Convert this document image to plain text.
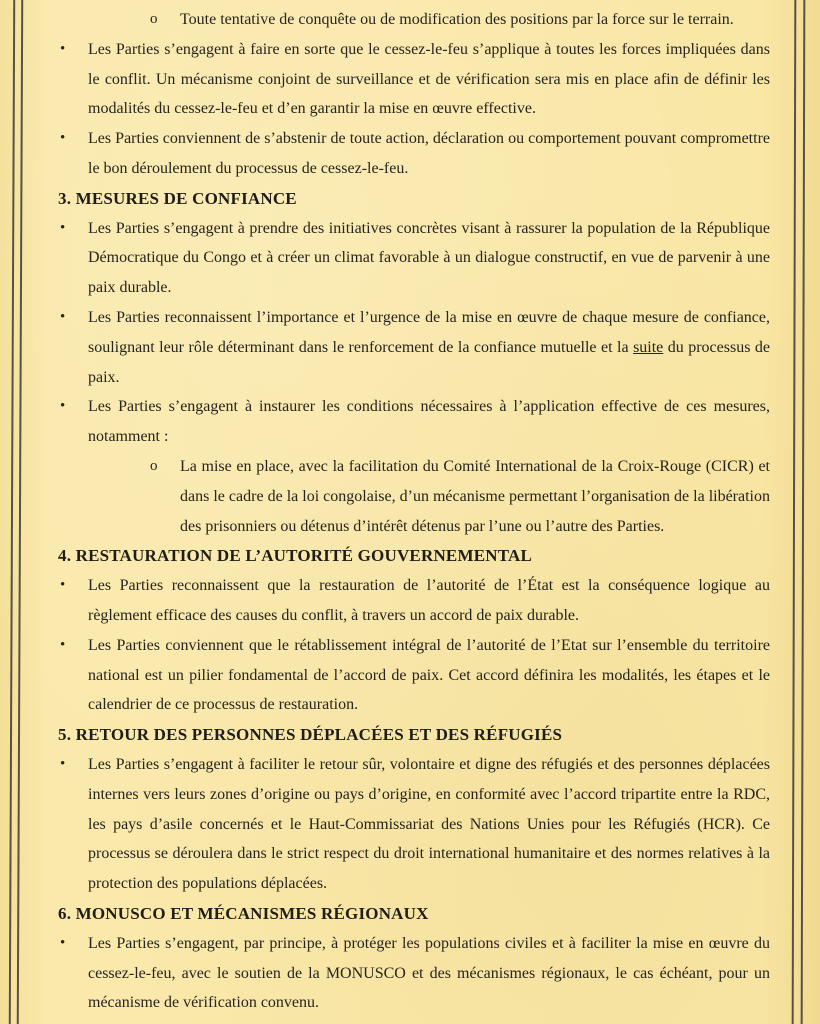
o Toute tentative de conquête ou de modification des positions par la force sur le terrain.
• Les Parties s’engagent à faire en sorte que le cessez-le-feu s’applique à toutes les forces impliquées dans le conflit. Un mécanisme conjoint de surveillance et de vérification sera mis en place afin de définir les modalités du cessez-le-feu et d’en garantir la mise en œuvre effective.
• Les Parties conviennent de s’abstenir de toute action, déclaration ou comportement pouvant compromettre le bon déroulement du processus de cessez-le-feu.
3. MESURES DE CONFIANCE
• Les Parties s’engagent à prendre des initiatives concrètes visant à rassurer la population de la République Démocratique du Congo et à créer un climat favorable à un dialogue constructif, en vue de parvenir à une paix durable.
• Les Parties reconnaissent l’importance et l’urgence de la mise en œuvre de chaque mesure de confiance, soulignant leur rôle déterminant dans le renforcement de la confiance mutuelle et la suite du processus de paix.
• Les Parties s’engagent à instaurer les conditions nécessaires à l’application effective de ces mesures, notamment :
o La mise en place, avec la facilitation du Comité International de la Croix-Rouge (CICR) et dans le cadre de la loi congolaise, d’un mécanisme permettant l’organisation de la libération des prisonniers ou détenus d’intérêt détenus par l’une ou l’autre des Parties.
4. RESTAURATION DE L’AUTORITÉ GOUVERNEMENTAL
• Les Parties reconnaissent que la restauration de l’autorité de l’État est la conséquence logique au règlement efficace des causes du conflit, à travers un accord de paix durable.
• Les Parties conviennent que le rétablissement intégral de l’autorité de l’Etat sur l’ensemble du territoire national est un pilier fondamental de l’accord de paix. Cet accord définira les modalités, les étapes et le calendrier de ce processus de restauration.
5. RETOUR DES PERSONNES DÉPLACÉES ET DES RÉFUGIÉS
• Les Parties s’engagent à faciliter le retour sûr, volontaire et digne des réfugiés et des personnes déplacées internes vers leurs zones d’origine ou pays d’origine, en conformité avec l’accord tripartite entre la RDC, les pays d’asile concernés et le Haut-Commissariat des Nations Unies pour les Réfugiés (HCR). Ce processus se déroulera dans le strict respect du droit international humanitaire et des normes relatives à la protection des populations déplacées.
6. MONUSCO ET MÉCANISMES RÉGIONAUX
• Les Parties s’engagent, par principe, à protéger les populations civiles et à faciliter la mise en œuvre du cessez-le-feu, avec le soutien de la MONUSCO et des mécanismes régionaux, le cas échéant, pour un mécanisme de vérification convenu.
